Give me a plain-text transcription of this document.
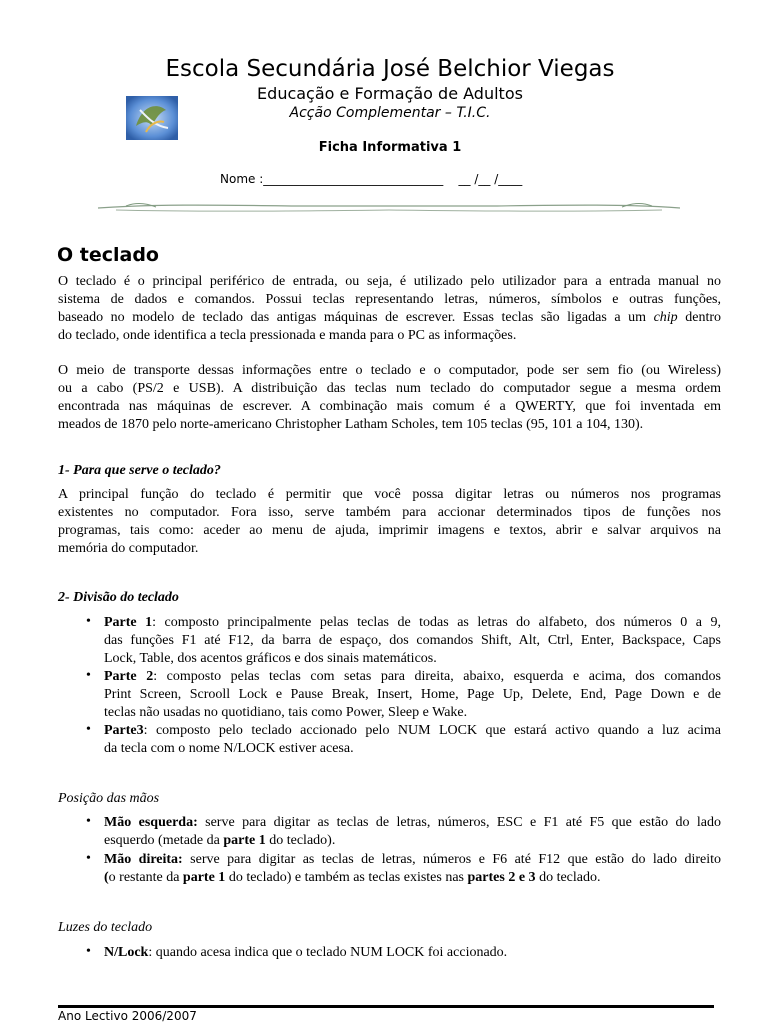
Escola Secundária José Belchior Viegas
Educação e Formação de Adultos
Acção Complementar – T.I.C.
Ficha Informativa 1
Nome :______________________________ __ /__ /____
O teclado
O teclado é o principal periférico de entrada, ou seja, é utilizado pelo utilizador para a entrada manual no
sistema de dados e comandos. Possui teclas representando letras, números, símbolos e outras funções,
baseado no modelo de teclado das antigas máquinas de escrever. Essas teclas são ligadas a um chip dentro
do teclado, onde identifica a tecla pressionada e manda para o PC as informações.
O meio de transporte dessas informações entre o teclado e o computador, pode ser sem fio (ou Wireless)
ou a cabo (PS/2 e USB). A distribuição das teclas num teclado do computador segue a mesma ordem
encontrada nas máquinas de escrever. A combinação mais comum é a QWERTY, que foi inventada em
meados de 1870 pelo norte-americano Christopher Latham Scholes, tem 105 teclas (95, 101 a 104, 130).
1- Para que serve o teclado?
A principal função do teclado é permitir que você possa digitar letras ou números nos programas
existentes no computador. Fora isso, serve também para accionar determinados tipos de funções nos
programas, tais como: aceder ao menu de ajuda, imprimir imagens e textos, abrir e salvar arquivos na
memória do computador.
2- Divisão do teclado
• Parte 1: composto principalmente pelas teclas de todas as letras do alfabeto, dos números 0 a 9,
das funções F1 até F12, da barra de espaço, dos comandos Shift, Alt, Ctrl, Enter, Backspace, Caps
Lock, Table, dos acentos gráficos e dos sinais matemáticos.
• Parte 2: composto pelas teclas com setas para direita, abaixo, esquerda e acima, dos comandos
Print Screen, Scrooll Lock e Pause Break, Insert, Home, Page Up, Delete, End, Page Down e de
teclas não usadas no quotidiano, tais como Power, Sleep e Wake.
• Parte3: composto pelo teclado accionado pelo NUM LOCK que estará activo quando a luz acima
da tecla com o nome N/LOCK estiver acesa.
Posição das mãos
• Mão esquerda: serve para digitar as teclas de letras, números, ESC e F1 até F5 que estão do lado
esquerdo (metade da parte 1 do teclado).
• Mão direita: serve para digitar as teclas de letras, números e F6 até F12 que estão do lado direito
(o restante da parte 1 do teclado) e também as teclas existes nas partes 2 e 3 do teclado.
Luzes do teclado
• N/Lock: quando acesa indica que o teclado NUM LOCK foi accionado.
Ano Lectivo 2006/2007
